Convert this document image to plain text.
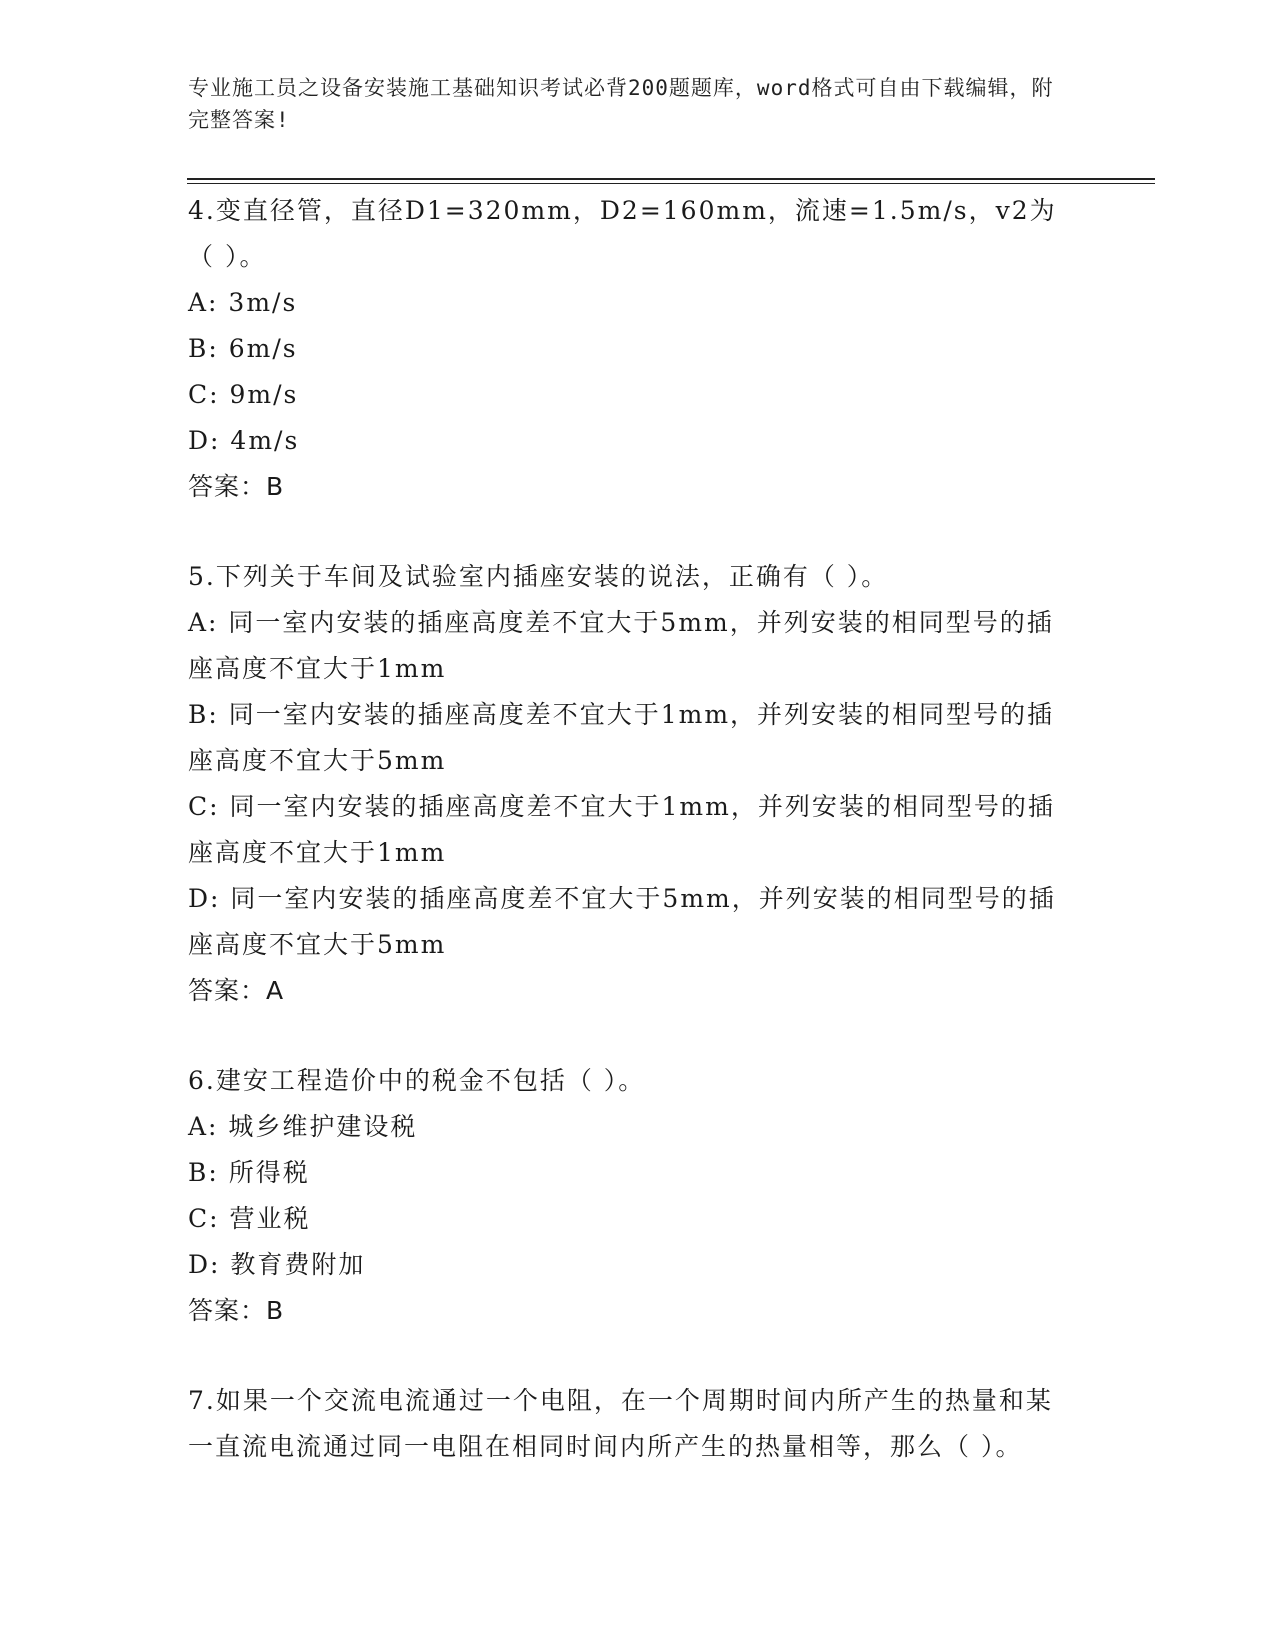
专业施工员之设备安装施工基础知识考试必背200题题库，word格式可自由下载编辑，附完整答案!
4.变直径管，直径D1=320mm，D2=160mm，流速=1.5m/s，v2为（ ）。
A: 3m/s
B: 6m/s
C: 9m/s
D: 4m/s
答案：B
5.下列关于车间及试验室内插座安装的说法，正确有（ ）。
A: 同一室内安装的插座高度差不宜大于5mm，并列安装的相同型号的插座高度不宜大于1mm
B: 同一室内安装的插座高度差不宜大于1mm，并列安装的相同型号的插座高度不宜大于5mm
C: 同一室内安装的插座高度差不宜大于1mm，并列安装的相同型号的插座高度不宜大于1mm
D: 同一室内安装的插座高度差不宜大于5mm，并列安装的相同型号的插座高度不宜大于5mm
答案：A
6.建安工程造价中的税金不包括（ ）。
A: 城乡维护建设税
B: 所得税
C: 营业税
D: 教育费附加
答案：B
7.如果一个交流电流通过一个电阻，在一个周期时间内所产生的热量和某一直流电流通过同一电阻在相同时间内所产生的热量相等，那么（ ）。
